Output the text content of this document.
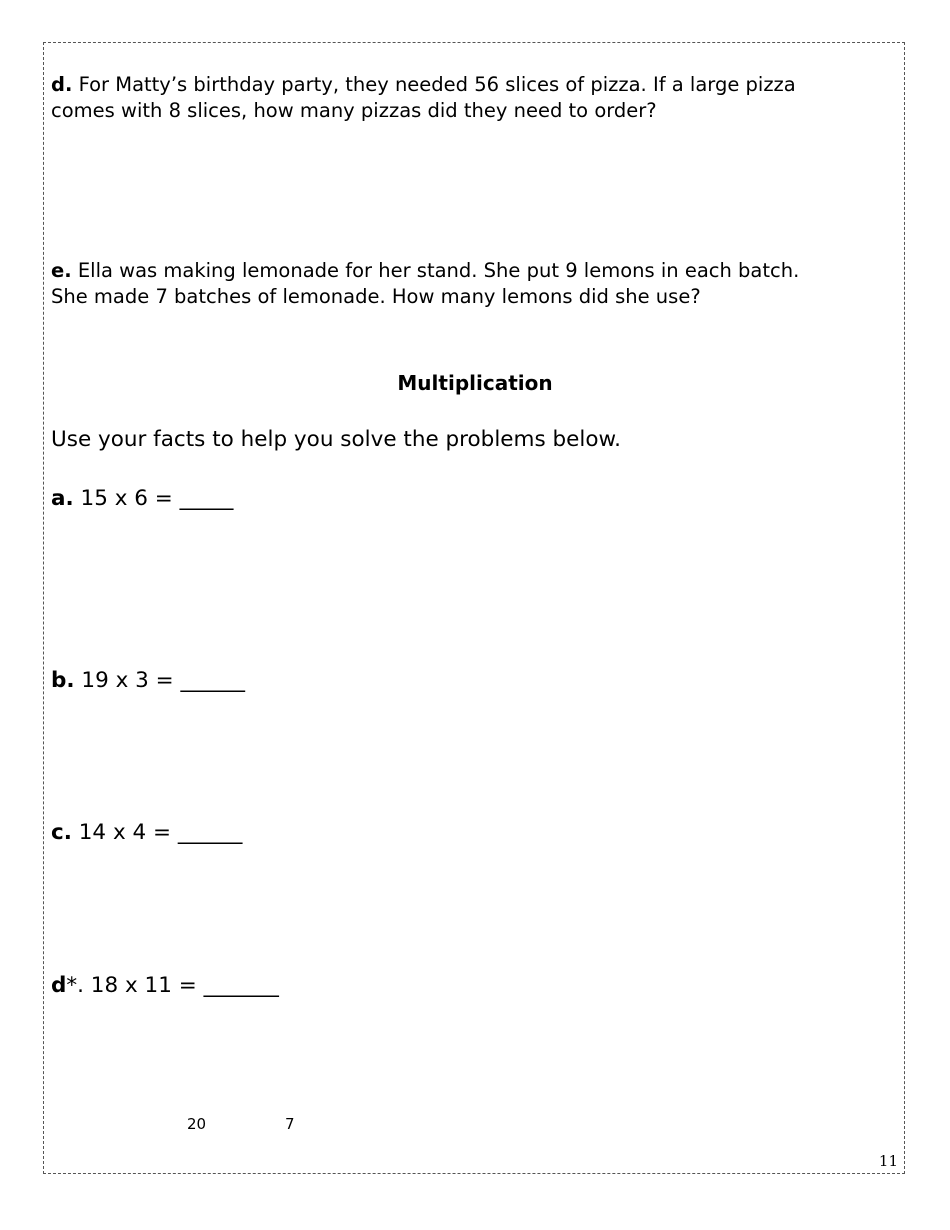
d. For Matty’s birthday party, they needed 56 slices of pizza. If a large pizza
comes with 8 slices, how many pizzas did they need to order?
e. Ella was making lemonade for her stand. She put 9 lemons in each batch.
She made 7 batches of lemonade. How many lemons did she use?
Multiplication
Use your facts to help you solve the problems below.
a. 15 x 6 = _____
b. 19 x 3 = ______
c. 14 x 4 = ______
d*. 18 x 11 = _______
20	7
11
